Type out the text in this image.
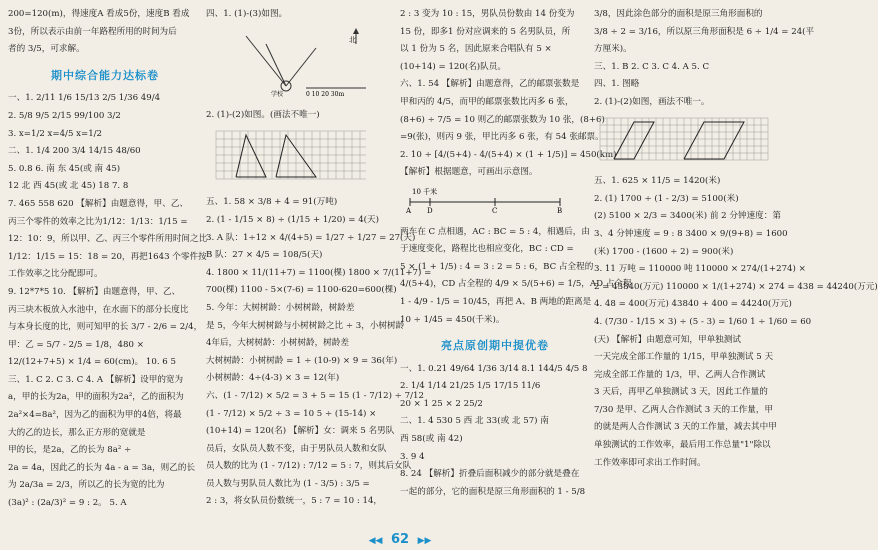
200=120(m)，得速度A 看成5份，速度B 看成
3份，所以表示由前一年路程所用的时间为后
者的 3/5，可求解。
期中综合能力达标卷
一、1. 2/11 1/6 15/13 2/5 1/36 49/4
2. 5/8 9/5 2/15 99/100 3/2
3. x=1/2 x=4/5 x=1/2
二、1. 1/4 200 3/4 14/15 48/60
5. 0.8 6. 南 东 45(或 南 45)
12 北 西 45(或 北 45) 18 7. 8
7. 465 558 620 【解析】由题意得，甲、乙、
丙三个零件的效率之比为1/12：1/13：1/15 =
12：10：9，所以甲、乙、丙三个零件所用时间之比
1/12：1/15 = 15：18 = 20，再把1643 个零件按
工作效率之比分配即可。
9. 12*7*5 10. 【解析】由题意得，甲、乙、
丙三块木板放入水池中，在水面下的部分长度比
与本身长度的比，则可知甲的长 3/7 - 2/6 = 2/4，
甲：乙 = 5/7 - 2/5 = 1/8，480 ×
12/(12+7+5) × 1/4 = 60(cm)。 10. 6 5
三、1. C 2. C 3. C 4. A 【解析】设甲的宽为
a，甲的长为2a，甲的面积为2a²，乙的面积为
2a²×4=8a²，因为乙的面积为甲的4倍，将最
大的乙的边长，那么正方形的宽就是
甲的长，是2a，乙的长为 8a² ÷
2a = 4a，因此乙的长为 4a - a = 3a，则乙的长
为 2a/3a = 2/3，所以乙的长为宽的比为
(3a)² : (2a/3)² = 9 : 2。 5. A
四、1. (1)-(3)如图。
北
学校	0 10 20 30m
2. (1)-(2)如图。(画法不唯一)
五、1. 58 × 3/8 + 4 = 91(万吨)
2. (1 - 1/15 × 8) ÷ (1/15 + 1/20) = 4(天)
3. A 队：1÷12 × 4/(4+5) = 1/27 ÷ 1/27 = 27(天)
B 队：27 × 4/5 = 108/5(天)
4. 1800 × 11/(11+7) = 1100(棵) 1800 × 7/(11+7) =
700(棵) 1100 - 5×(7-6) = 1100-620=600(棵)
5. 今年：大树树龄：小树树龄，树龄差
是 5，今年大树树龄与小树树龄之比 ÷ 3，小树树龄
4年后，大树树龄：小树树龄，树龄差
大树树龄：小树树龄 = 1 ÷ (10-9) × 9 = 36(年)
小树树龄：4÷(4-3) × 3 = 12(年)
六、(1 - 7/12) × 5/2 = 3 + 5 = 15 (1 - 7/12) ÷ 7/12
(1 - 7/12) × 5/2 ÷ 3 = 10 5 ÷ (15-14) ×
(10+14) = 120(名) 【解析】女：调来 5 名男队
员后，女队员人数不变，由于男队员人数和女队
员人数的比为 (1 - 7/12) : 7/12 = 5 : 7，则其后女队
员人数与男队员人数比为 (1 - 3/5) : 3/5 =
2 : 3，将女队员份数统一，5 : 7 = 10 : 14，
2 : 3 变为 10 : 15，男队员份数由 14 份变为
15 份，即多1 份对应调来的 5 名男队员，所
以 1 份为 5 名，因此原来合唱队有 5 ×
(10+14) = 120(名)队员。
六、1. 54 【解析】由题意得，乙的邮票张数是
甲和丙的 4/5，而甲的邮票张数比丙多 6 张，
(8+6) ÷ 7/5 = 10 则乙的邮票张数为 10 张，(8+6)
=9(张)，则丙 9 张，甲比丙多 6 张，有 54 张邮票。
2. 10 ÷ [4/(5+4) - 4/(5+4) × (1 + 1/5)] = 450(km)
【解析】根据题意，可画出示意图。
10 千米
A D	C	B
两车在 C 点相遇，AC : BC = 5 : 4，相遇后，由
于速度变化，路程比也相应变化，BC : CD =
5 × (1 + 1/5) : 4 = 3 : 2 = 5 : 6，BC 占全程的
4/(5+4)，CD 占全程的 4/9 × 5/(5+6) = 1/5，AD 占全程
1 - 4/9 - 1/5 = 10/45，再把 A、B 两地的距离是
10 ÷ 1/45 = 450(千米)。
亮点原创期中提优卷
一、1. 0.21 49/64 1/36 3/14 8.1 144/5 4/5 8
2. 1/4 1/14 21/25 1/5 17/15 11/6
20 × 1 25 × 2 25/2
二、1. 4 530 5 西 北 33(或 北 57) 南
西 58(或 南 42)
3. 9 4
8. 24 【解析】折叠后面积减少的部分就是叠在
一起的部分，它的面积是原三角形面积的 1 - 5/8
3/8，因此涂色部分的面积是原三角形面积的
3/8 ÷ 2 = 3/16，所以原三角形面积是 6 ÷ 1/4 = 24(平
方厘米)。
三、1. B 2. C 3. C 4. A 5. C
四、1. 图略
2. (1)-(2)如图，画法不唯一。
五、1. 625 × 11/5 = 1420(米)
2. (1) 1700 ÷ (1 - 2/3) = 5100(米)
(2) 5100 × 2/3 = 3400(米) 前 2 分钟速度：第
3、4 分钟速度 = 9 : 8 3400 × 9/(9+8) = 1600
(米) 1700 - (1600 ÷ 2) = 900(米)
3. 11 万吨 = 110000 吨 110000 × 274/(1+274) ×
2 = 43840(万元) 110000 × 1/(1+274) × 274 = 438 = 44240(万元)
4. 48 = 400(万元) 43840 + 400 = 44240(万元)
4. (7/30 - 1/15 × 3) ÷ (5 - 3) = 1/60 1 ÷ 1/60 = 60
(天) 【解析】由题意可知，甲单独测试
一天完成全部工作量的 1/15，甲单独测试 5 天
完成全部工作量的 1/3，甲、乙两人合作测试
3 天后，再甲乙单独测试 3 天，因此工作量的
7/30 是甲、乙两人合作测试 3 天的工作量，甲
的就是两人合作测试 3 天的工作量，减去其中甲
单独测试的工作效率，最后用工作总量"1"除以
工作效率即可求出工作时间。
◀◀ 62 ▶▶
